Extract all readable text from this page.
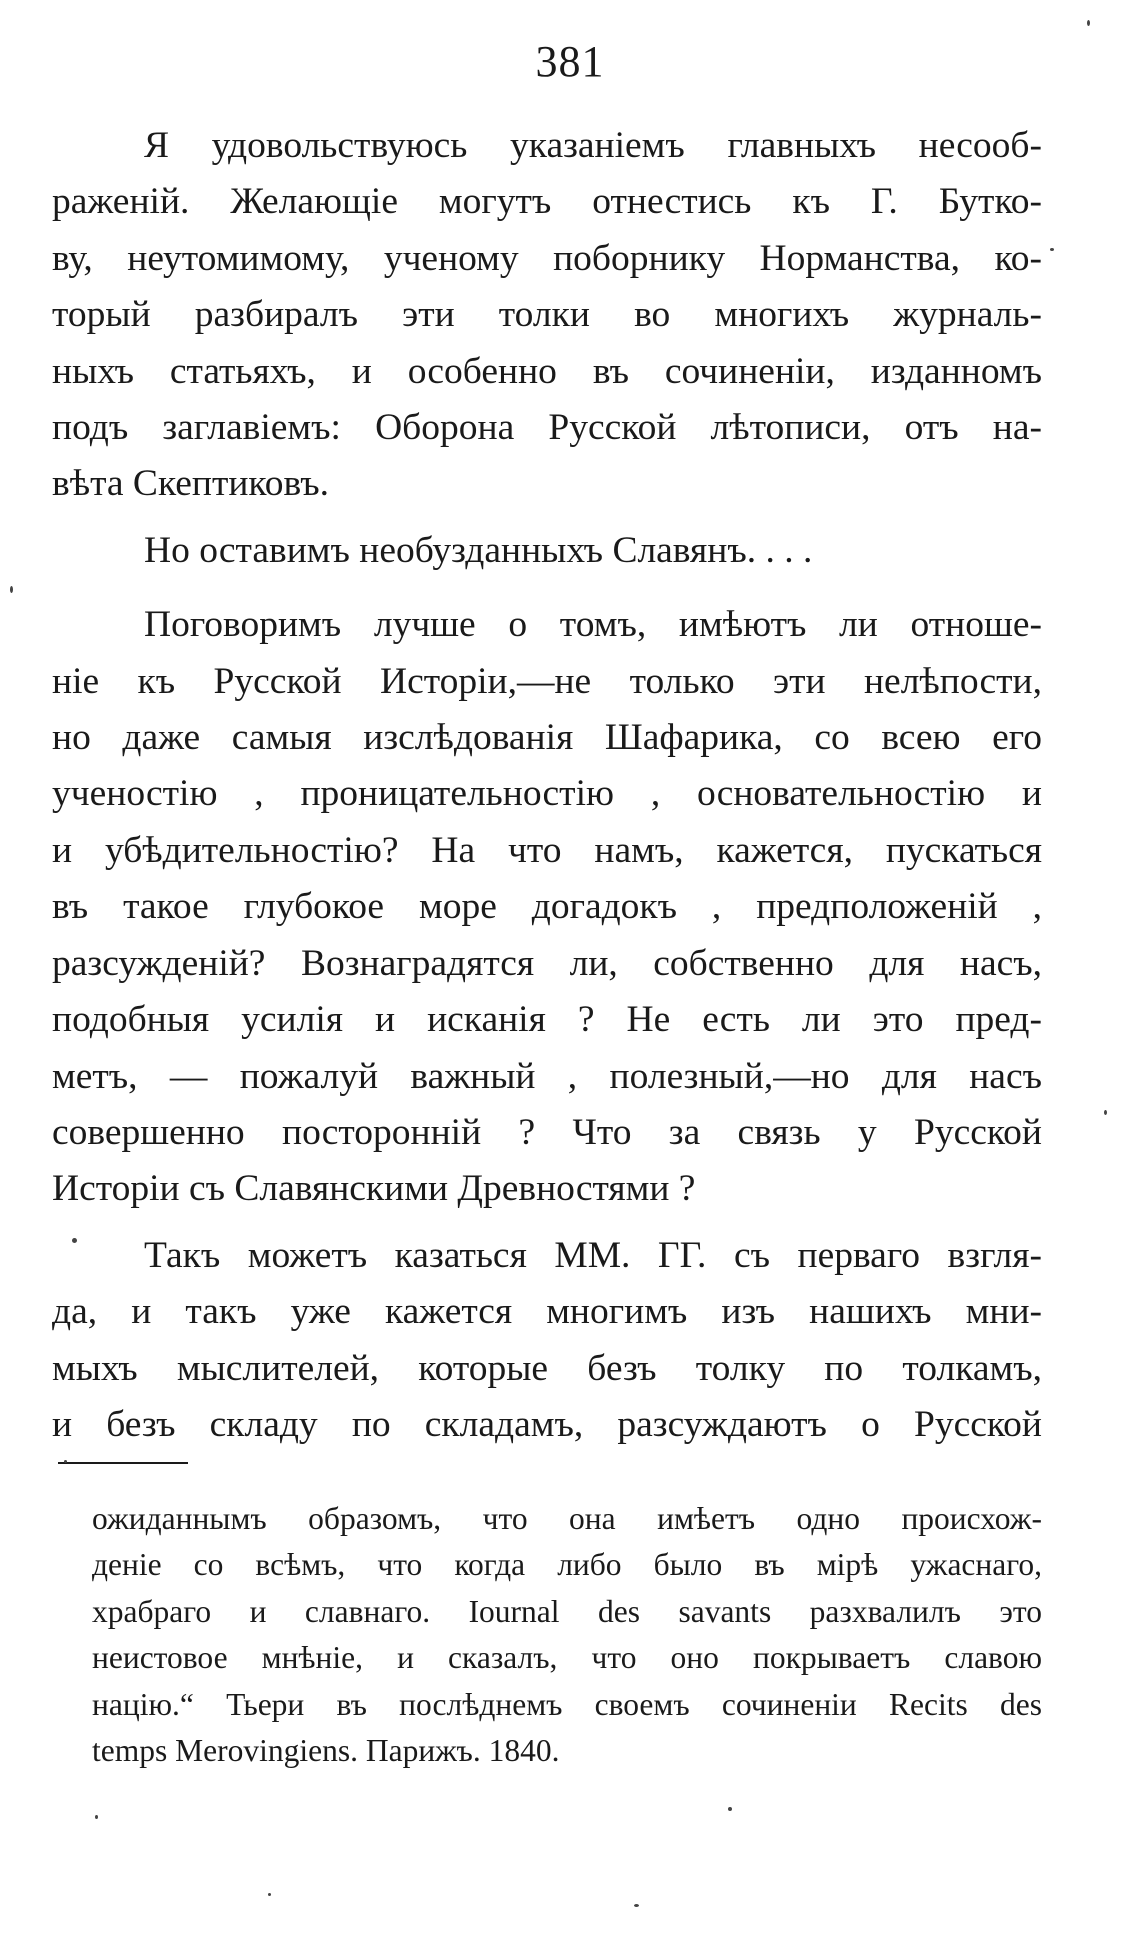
381
Я удовольствуюсь указаніемъ главныхъ несооб-
раженій. Желающіе могутъ отнестись къ Г. Бутко-
ву, неутомимому, ученому поборнику Норманства, ко-
торый разбиралъ эти толки во многихъ журналь-
ныхъ статьяхъ, и особенно въ сочиненіи, изданномъ
подъ заглавіемъ: Оборона Русской лѣтописи, отъ на-
вѣта Скептиковъ.
Но оставимъ необузданныхъ Славянъ. . . .
Поговоримъ лучше о томъ, имѣютъ ли отноше-
ніе къ Русской Исторіи,—не только эти нелѣпости,
но даже самыя изслѣдованія Шафарика, со всею его
ученостію , проницательностію , основательностію и
и убѣдительностію? На что намъ, кажется, пускаться
въ такое глубокое море догадокъ , предположеній ,
разсужденій? Вознаградятся ли, собственно для насъ,
подобныя усилія и исканія ? Не есть ли это пред-
метъ, — пожалуй важный , полезный,—но для насъ
совершенно посторонній ? Что за связь у Русской
Исторіи съ Славянскими Древностями ?
Такъ можетъ казаться ММ. ГГ. съ перваго взгля-
да, и такъ уже кажется многимъ изъ нашихъ мни-
мыхъ мыслителей, которые безъ толку по толкамъ,
и безъ складу по складамъ, разсуждаютъ о Русской
ожиданнымъ образомъ, что она имѣетъ одно происхож-
деніе со всѣмъ, что когда либо было въ мірѣ ужаснаго,
храбраго и славнаго. Iournal des savants разхвалилъ это
неистовое мнѣніе, и сказалъ, что оно покрываетъ славою
націю.“ Тьери въ послѣднемъ своемъ сочиненіи Recits des
temps Merovingiens. Парижъ. 1840.
